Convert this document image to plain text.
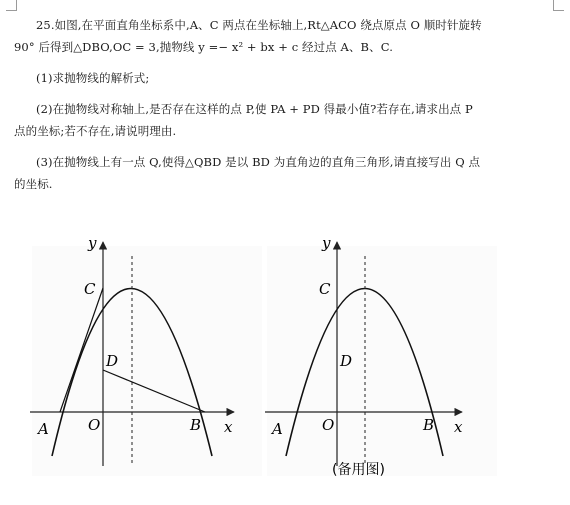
25.如图,在平面直角坐标系中,A、C 两点在坐标轴上,Rt△ACO 绕点原点 O 顺时针旋转

90° 后得到△DBO,OC = 3,抛物线 y =− x² + bx + c 经过点 A、B、C.

(1)求抛物线的解析式;

(2)在抛物线对称轴上,是否存在这样的点 P,使 PA + PD 得最小值?若存在,请求出点 P

点的坐标;若不存在,请说明理由.

(3)在抛物线上有一点 Q,使得△QBD 是以 BD 为直角边的直角三角形,请直接写出 Q 点

的坐标.

y
x
C
D
O
A	B
y
x
C
D
O
A	B
(备用图)
